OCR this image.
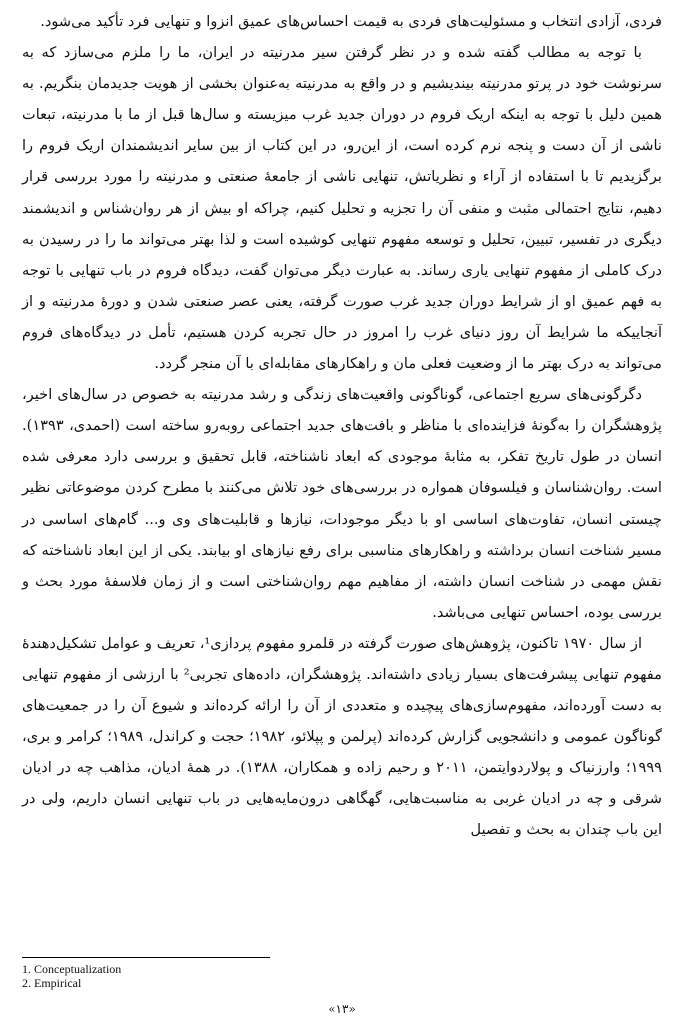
فردی، آزادی انتخاب و مسئولیت‌های فردی به قیمت احساس‌های عمیق انزوا و تنهایی فرد تأکید می‌شود.

با توجه به مطالب گفته شده و در نظر گرفتن سیر مدرنیته در ایران، ما را ملزم می‌سازد که به سرنوشت خود در پرتو مدرنیته بیندیشیم و در واقع به مدرنیته به‌عنوان بخشی از هویت جدیدمان بنگریم. به همین دلیل با توجه به اینکه اریک فروم در دوران جدید غرب میزیسته و سال‌ها قبل از ما با مدرنیته، تبعات ناشی از آن دست و پنجه نرم کرده است، از این‌رو، در این کتاب از بین سایر اندیشمندان اریک فروم را برگزیدیم تا با استفاده از آراء و نظریاتش، تنهایی ناشی از جامعهٔ صنعتی و مدرنیته را مورد بررسی قرار دهیم، نتایج احتمالی مثبت و منفی آن را تجزیه و تحلیل کنیم، چراکه او بیش از هر روان‌شناس و اندیشمند دیگری در تفسیر، تبیین، تحلیل و توسعه مفهوم تنهایی کوشیده است و لذا بهتر می‌تواند ما را در رسیدن به درک کاملی از مفهوم تنهایی یاری رساند. به عبارت دیگر می‌توان گفت، دیدگاه فروم در باب تنهایی با توجه به فهم عمیق او از شرایط دوران جدید غرب صورت گرفته، یعنی عصر صنعتی شدن و دورهٔ مدرنیته و از آنجاییکه ما شرایط آن روز دنیای غرب را امروز در حال تجربه کردن هستیم، تأمل در دیدگاه‌های فروم می‌تواند به درک بهتر ما از وضعیت فعلی مان و راهکارهای مقابله‌ای با آن منجر گردد.

دگرگونی‌های سریع اجتماعی، گوناگونی واقعیت‌های زندگی و رشد مدرنیته به خصوص در سال‌های اخیر، پژوهشگران را به‌گونهٔ فزاینده‌ای با مناظر و بافت‌های جدید اجتماعی روبه‌رو ساخته است (احمدی، ۱۳۹۳). انسان در طول تاریخ تفکر، به مثابهٔ موجودی که ابعاد ناشناخته، قابل تحقیق و بررسی دارد معرفی شده است. روان‌شناسان و فیلسوفان همواره در بررسی‌های خود تلاش می‌کنند با مطرح کردن موضوعاتی نظیر چیستی انسان، تفاوت‌های اساسی او با دیگر موجودات، نیازها و قابلیت‌های وی و... گام‌های اساسی در مسیر شناخت انسان برداشته و راهکارهای مناسبی برای رفع نیازهای او بیابند. یکی از این ابعاد ناشناخته که نقش مهمی در شناخت انسان داشته، از مفاهیم مهم روان‌شناختی است و از زمان فلاسفهٔ مورد بحث و بررسی بوده، احساس تنهایی می‌باشد.

از سال ۱۹۷۰ تاکنون، پژوهش‌های صورت گرفته در قلمرو مفهوم پردازی¹، تعریف و عوامل تشکیل‌دهندهٔ مفهوم تنهایی پیشرفت‌های بسیار زیادی داشته‌اند. پژوهشگران، داده‌های تجربی² با ارزشی از مفهوم تنهایی به دست آورده‌اند، مفهوم‌سازی‌های پیچیده و متعددی از آن را ارائه کرده‌اند و شیوع آن را در جمعیت‌های گوناگون عمومی و دانشجویی گزارش کرده‌اند (پرلمن و پپلائو، ۱۹۸۲؛ حجت و کراندل، ۱۹۸۹؛ کرامر و بری، ۱۹۹۹؛ وارزنیاک و پولاردوایتمن، ۲۰۱۱ و رحیم زاده و همکاران، ۱۳۸۸). در همهٔ ادیان، مذاهب چه در ادیان شرقی و چه در ادیان غربی به مناسبت‌هایی، گهگاهی درون‌مایه‌هایی در باب تنهایی انسان داریم، ولی در این باب چندان به بحث و تفصیل

1. Conceptualization
2. Empirical
«۱۳»
